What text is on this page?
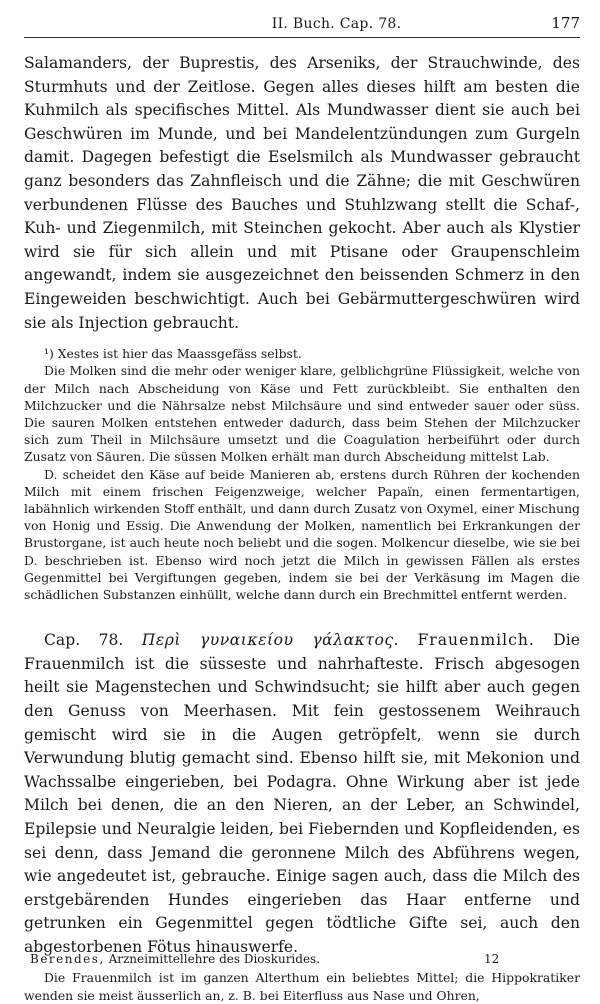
II. Buch. Cap. 78.	177

Salamanders, der Buprestis, des Arseniks, der Strauchwinde, des Sturmhuts und der Zeitlose. Gegen alles dieses hilft am besten die Kuhmilch als specifisches Mittel. Als Mundwasser dient sie auch bei Geschwüren im Munde, und bei Mandelentzündungen zum Gurgeln damit. Dagegen befestigt die Eselsmilch als Mundwasser gebraucht ganz besonders das Zahnfleisch und die Zähne; die mit Geschwüren verbundenen Flüsse des Bauches und Stuhlzwang stellt die Schaf-, Kuh- und Ziegenmilch, mit Steinchen gekocht. Aber auch als Klystier wird sie für sich allein und mit Ptisane oder Graupenschleim angewandt, indem sie ausgezeichnet den beissenden Schmerz in den Eingeweiden beschwichtigt. Auch bei Gebärmuttergeschwüren wird sie als Injection gebraucht.

¹) Xestes ist hier das Maassgefäss selbst.

Die Molken sind die mehr oder weniger klare, gelblichgrüne Flüssigkeit, welche von der Milch nach Abscheidung von Käse und Fett zurückbleibt. Sie enthalten den Milchzucker und die Nährsalze nebst Milchsäure und sind entweder sauer oder süss. Die sauren Molken entstehen entweder dadurch, dass beim Stehen der Milchzucker sich zum Theil in Milchsäure umsetzt und die Coagulation herbeiführt oder durch Zusatz von Säuren. Die süssen Molken erhält man durch Abscheidung mittelst Lab.

D. scheidet den Käse auf beide Manieren ab, erstens durch Rühren der kochenden Milch mit einem frischen Feigenzweige, welcher Papaïn, einen fermentartigen, labähnlich wirkenden Stoff enthält, und dann durch Zusatz von Oxymel, einer Mischung von Honig und Essig. Die Anwendung der Molken, namentlich bei Erkrankungen der Brustorgane, ist auch heute noch beliebt und die sogen. Molkencur dieselbe, wie sie bei D. beschrieben ist. Ebenso wird noch jetzt die Milch in gewissen Fällen als erstes Gegenmittel bei Vergiftungen gegeben, indem sie bei der Verkäsung im Magen die schädlichen Substanzen einhüllt, welche dann durch ein Brechmittel entfernt werden.

Cap. 78. Περὶ γυναικείου γάλακτος. Frauenmilch. Die Frauenmilch ist die süsseste und nahrhafteste. Frisch abgesogen heilt sie Magenstechen und Schwindsucht; sie hilft aber auch gegen den Genuss von Meerhasen. Mit fein gestossenem Weihrauch gemischt wird sie in die Augen getröpfelt, wenn sie durch Verwundung blutig gemacht sind. Ebenso hilft sie, mit Mekonion und Wachssalbe eingerieben, bei Podagra. Ohne Wirkung aber ist jede Milch bei denen, die an den Nieren, an der Leber, an Schwindel, Epilepsie und Neuralgie leiden, bei Fiebernden und Kopfleidenden, es sei denn, dass Jemand die geronnene Milch des Abführens wegen, wie angedeutet ist, gebrauche. Einige sagen auch, dass die Milch des erstgebärenden Hundes eingerieben das Haar entferne und getrunken ein Gegenmittel gegen tödtliche Gifte sei, auch den abgestorbenen Fötus hinauswerfe.

Die Frauenmilch ist im ganzen Alterthum ein beliebtes Mittel; die Hippokratiker wenden sie meist äusserlich an, z. B. bei Eiterfluss aus Nase und Ohren,

Berendes,
Arzneimittellehre des Dioskurides.	12
